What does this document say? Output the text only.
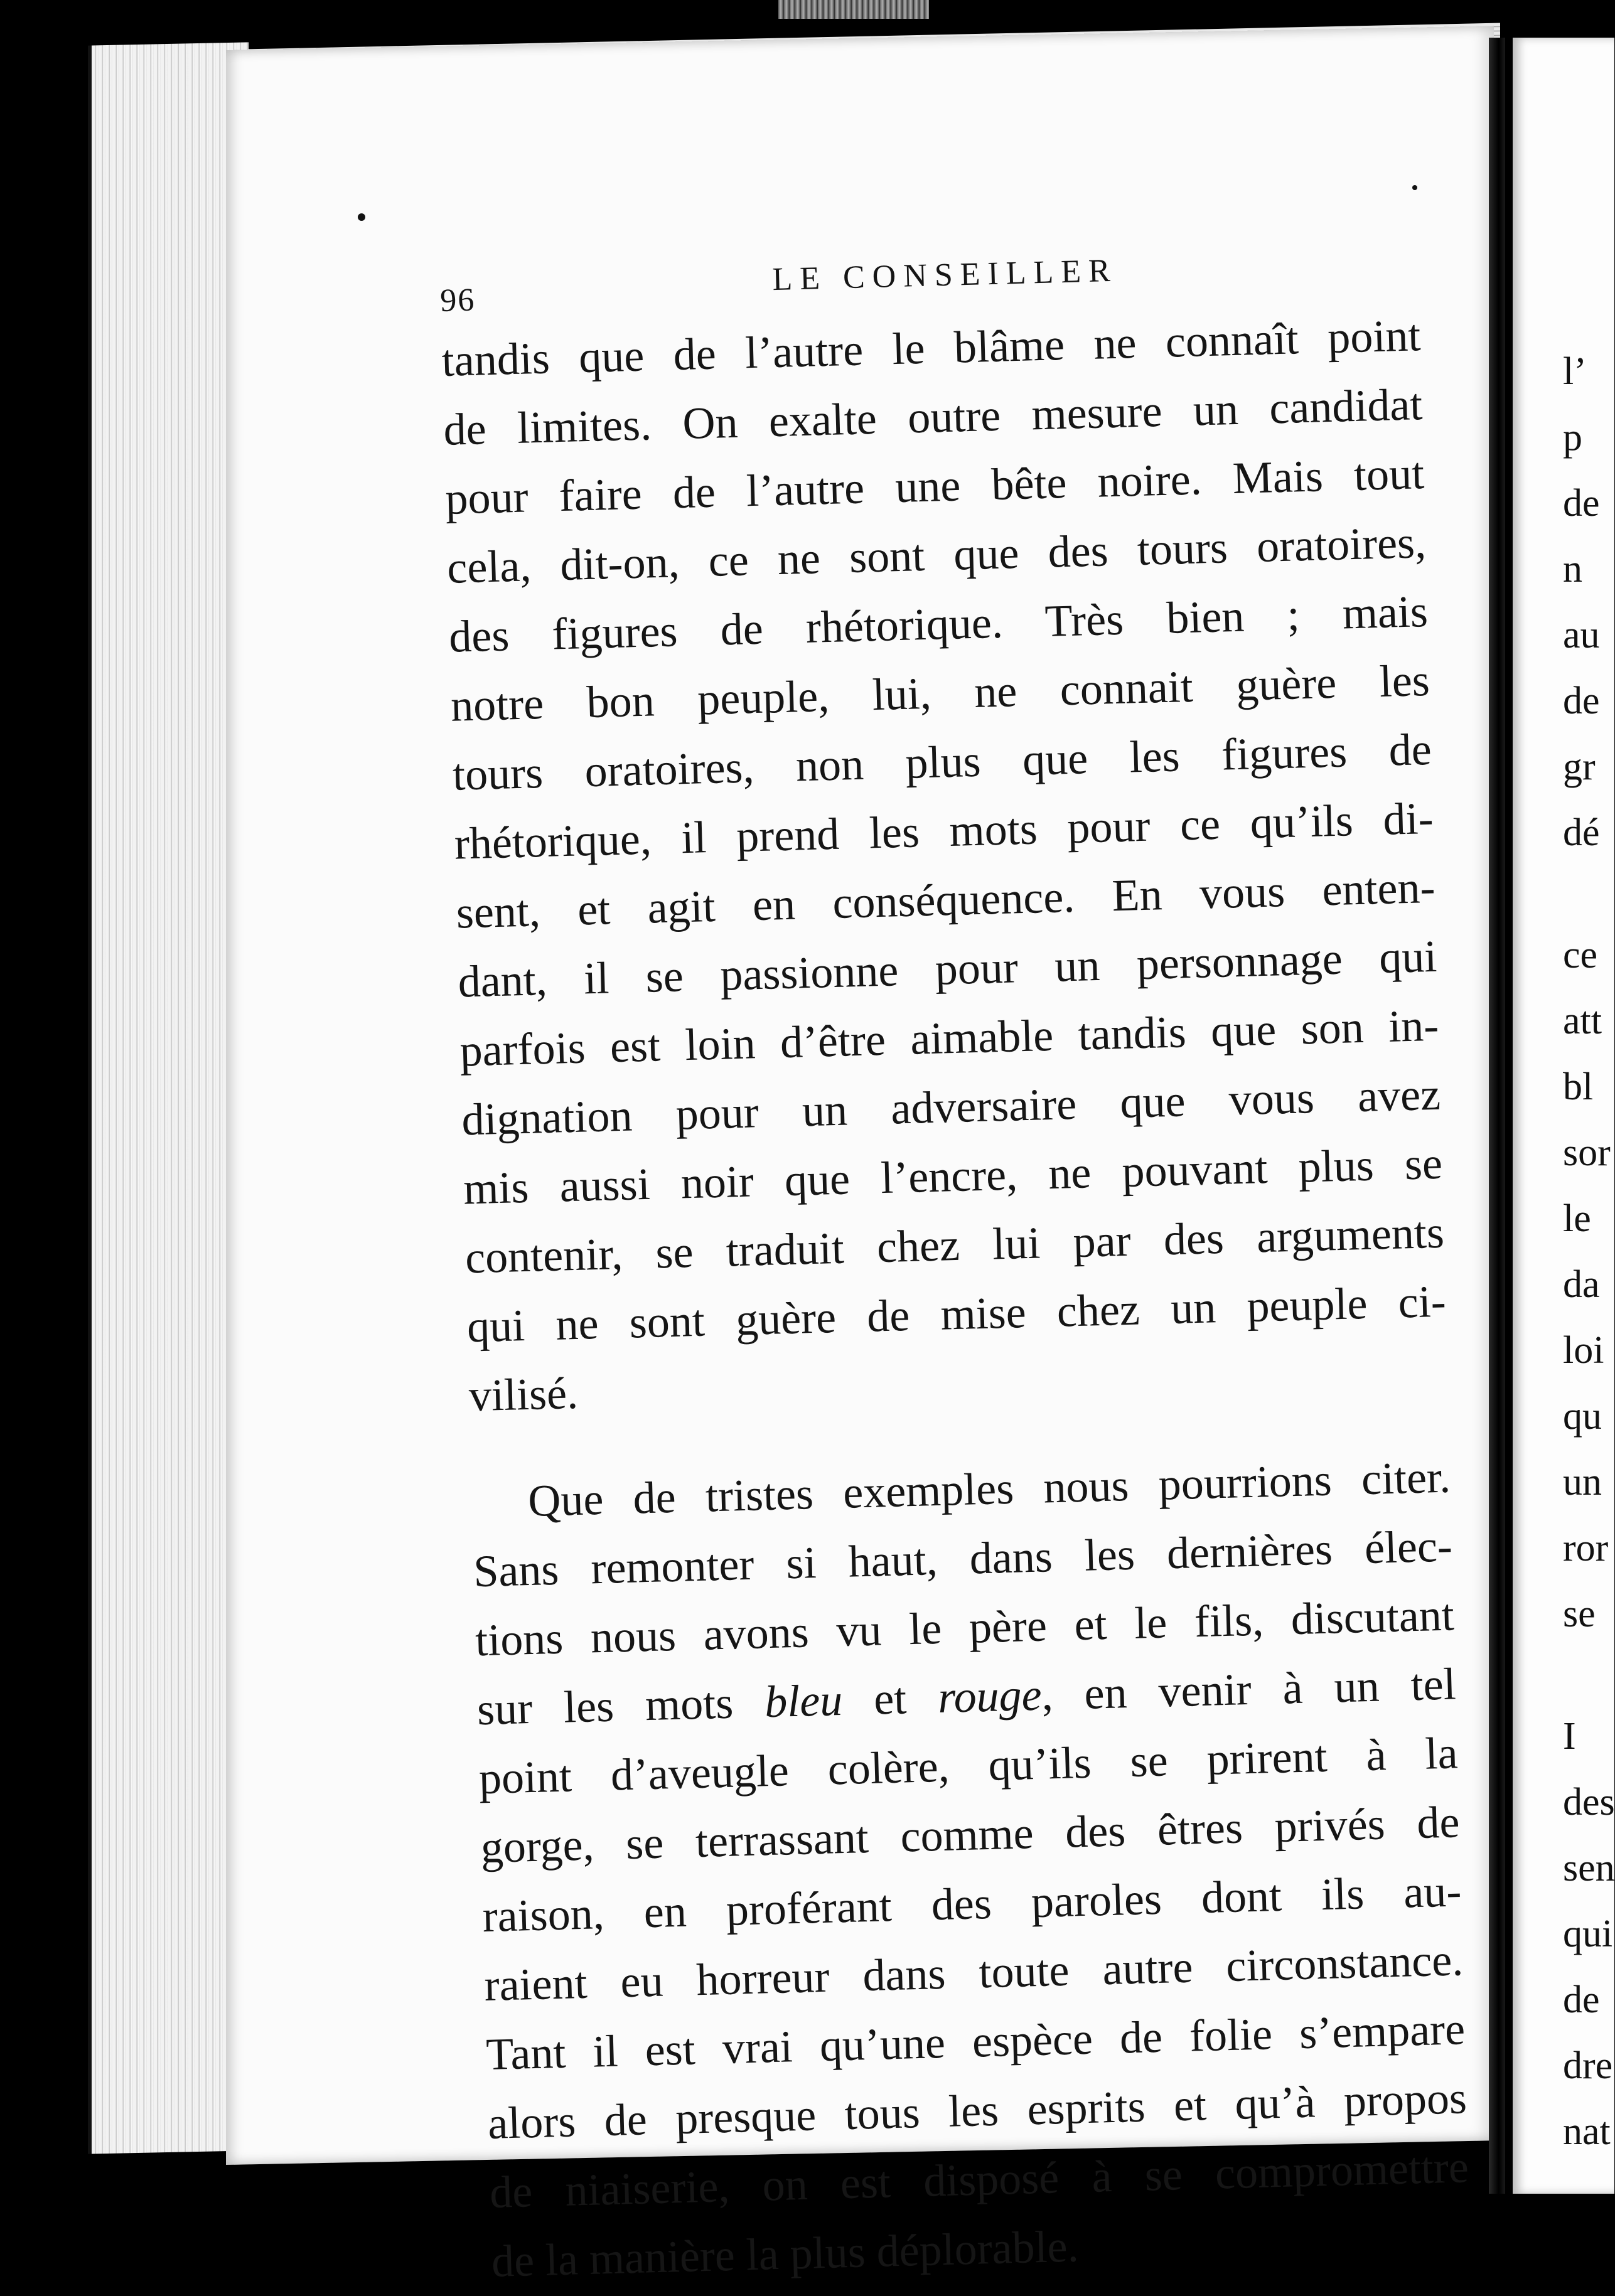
96
LE CONSEILLER
tandis que de l’autre le blâme ne connaît point
de limites. On exalte outre mesure un candidat
pour faire de l’autre une bête noire. Mais tout
cela, dit-on, ce ne sont que des tours oratoires,
des figures de rhétorique. Très bien ; mais
notre bon peuple, lui, ne connait guère les
tours oratoires, non plus que les figures de
rhétorique, il prend les mots pour ce qu’ils di-
sent, et agit en conséquence. En vous enten-
dant, il se passionne pour un personnage qui
parfois est loin d’être aimable tandis que son in-
dignation pour un adversaire que vous avez
mis aussi noir que l’encre, ne pouvant plus se
contenir, se traduit chez lui par des arguments
qui ne sont guère de mise chez un peuple ci-
vilisé.
Que de tristes exemples nous pourrions citer.
Sans remonter si haut, dans les dernières élec-
tions nous avons vu le père et le fils, discutant
sur les mots bleu et rouge, en venir à un tel
point d’aveugle colère, qu’ils se prirent à la
gorge, se terrassant comme des êtres privés de
raison, en proférant des paroles dont ils au-
raient eu horreur dans toute autre circonstance.
Tant il est vrai qu’une espèce de folie s’empare
alors de presque tous les esprits et qu’à propos
de niaiserie, on est disposé à se compromettre
de la manière la plus déplorable.
l’
p
de
n
au
de
gr
dé
ce
att
bl
sor
le
da
loi
qu
un
ror
se
I
des
sen
qui
de
dre
nat
